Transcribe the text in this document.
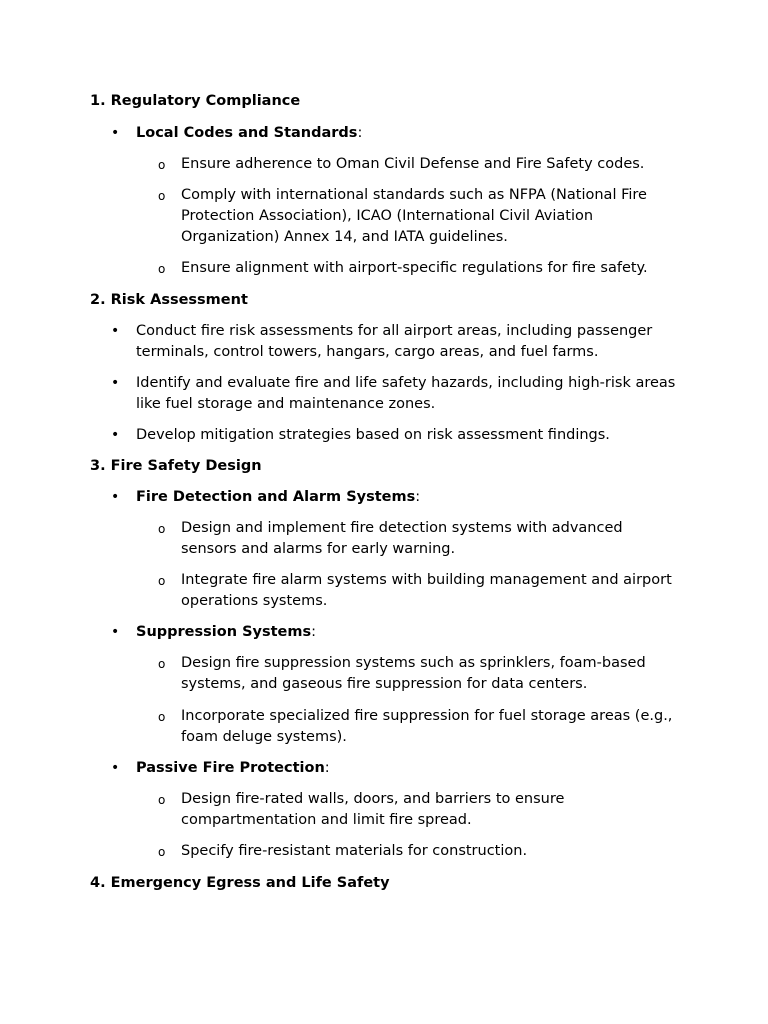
1. Regulatory Compliance

• Local Codes and Standards:
o Ensure adherence to Oman Civil Defense and Fire Safety codes.
o Comply with international standards such as NFPA (National Fire Protection Association), ICAO (International Civil Aviation Organization) Annex 14, and IATA guidelines.
o Ensure alignment with airport-specific regulations for fire safety.

2. Risk Assessment

• Conduct fire risk assessments for all airport areas, including passenger terminals, control towers, hangars, cargo areas, and fuel farms.
• Identify and evaluate fire and life safety hazards, including high-risk areas like fuel storage and maintenance zones.
• Develop mitigation strategies based on risk assessment findings.

3. Fire Safety Design

• Fire Detection and Alarm Systems:
o Design and implement fire detection systems with advanced sensors and alarms for early warning.
o Integrate fire alarm systems with building management and airport operations systems.
• Suppression Systems:
o Design fire suppression systems such as sprinklers, foam-based systems, and gaseous fire suppression for data centers.
o Incorporate specialized fire suppression for fuel storage areas (e.g., foam deluge systems).
• Passive Fire Protection:
o Design fire-rated walls, doors, and barriers to ensure compartmentation and limit fire spread.
o Specify fire-resistant materials for construction.

4. Emergency Egress and Life Safety
